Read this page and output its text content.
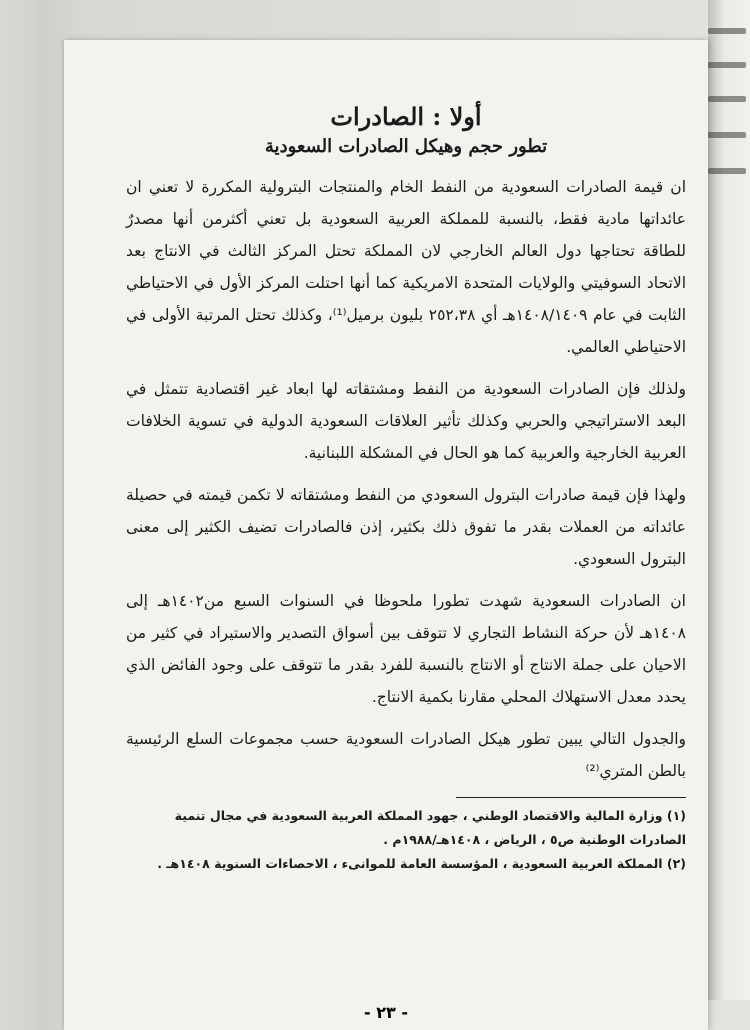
أولا : الصادرات
تطور حجم وهيكل الصادرات السعودية

ان قيمة الصادرات السعودية من النفط الخام والمنتجات البترولية المكررة لا تعني ان عائداتها مادية فقط، بالنسبة للمملكة العربية السعودية بل تعني أكثرمن أنها مصدرٌ للطاقة تحتاجها دول العالم الخارجي لان المملكة تحتل المركز الثالث في الانتاج بعد الاتحاد السوفيتي والولايات المتحدة الامريكية كما أنها احتلت المركز الأول في الاحتياطي الثابت في عام ١٤٠٨/١٤٠٩هـ أي ٢٥٢،٣٨ بليون برميل⁽¹⁾، وكذلك تحتل المرتبة الأولى في الاحتياطي العالمي.

ولذلك فإن الصادرات السعودية من النفط ومشتقاته لها ابعاد غير اقتصادية تتمثل في البعد الاستراتيجي والحربي وكذلك تأثير العلاقات السعودية الدولية في تسوية الخلافات العربية الخارجية والعربية كما هو الحال في المشكلة اللبنانية.

ولهذا فإن قيمة صادرات البترول السعودي من النفط ومشتقاته لا تكمن قيمته في حصيلة عائداته من العملات بقدر ما تفوق ذلك بكثير، إذن فالصادرات تضيف الكثير إلى معنى البترول السعودي.

ان الصادرات السعودية شهدت تطورا ملحوظا في السنوات السبع من١٤٠٢هـ إلى ١٤٠٨هـ لأن حركة النشاط التجاري لا تتوقف بين أسواق التصدير والاستيراد في كثير من الاحيان على جملة الانتاج أو الانتاج بالنسبة للفرد بقدر ما تتوقف على وجود الفائض الذي يحدد معدل الاستهلاك المحلي مقارنا بكمية الانتاج.

والجدول التالي يبين تطور هيكل الصادرات السعودية حسب مجموعات السلع الرئيسية بالطن المتري⁽²⁾

(١) وزارة المالية والاقتصاد الوطني ، جهود المملكة العربية السعودية في مجال تنمية الصادرات الوطنية ص٥ ، الرياض ، ١٤٠٨هـ/١٩٨٨م .

(٢) المملكة العربية السعودية ، المؤسسة العامة للموانىء ، الاحصاءات السنوية ١٤٠٨هـ .

- ٢٣ -
